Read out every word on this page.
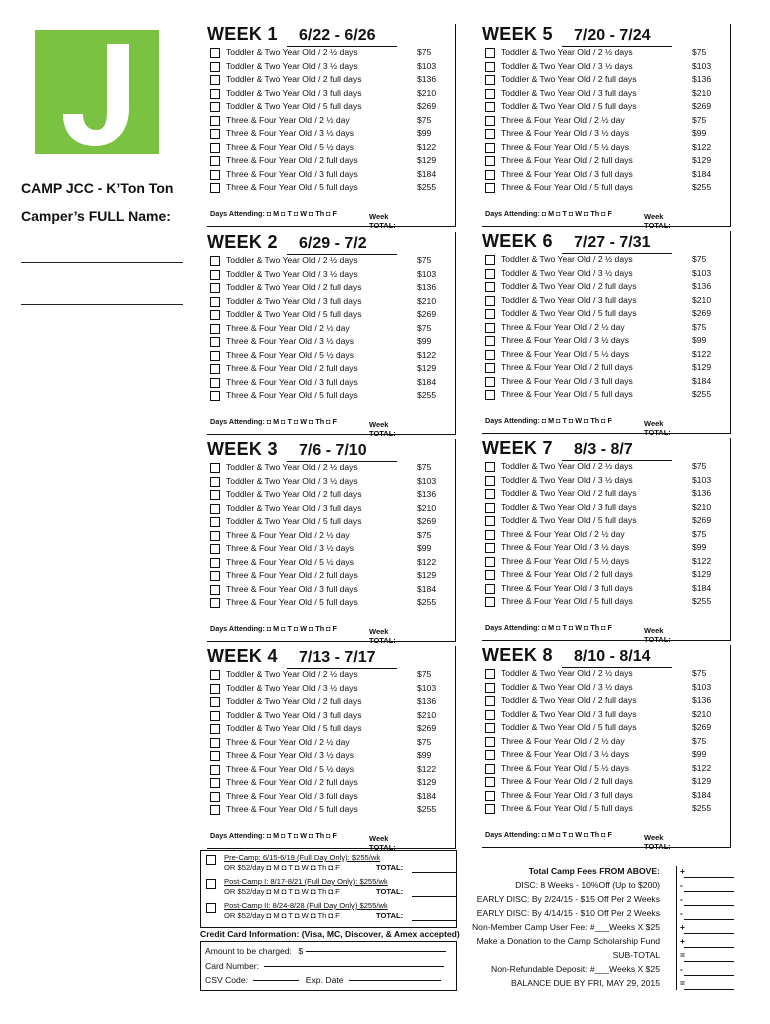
CAMP JCC - K’Ton Ton
Camper’s FULL Name:
WEEK 1 6/22 - 6/26
Toddler & Two Year Old / 2 ½ days	$75
Toddler & Two Year Old / 3 ½ days	$103
Toddler & Two Year Old / 2 full days	$136
Toddler & Two Year Old / 3 full days	$210
Toddler & Two Year Old / 5 full days	$269
Three & Four Year Old / 2 ½ day	$75
Three & Four Year Old / 3 ½ days	$99
Three & Four Year Old / 5 ½ days	$122
Three & Four Year Old / 2 full days	$129
Three & Four Year Old / 3 full days	$184
Three & Four Year Old / 5 full days	$255
Days Attending: ◘ M ◘ T ◘ W ◘ Th ◘ F	Week
TOTAL:
WEEK 2 6/29 - 7/2
Toddler & Two Year Old / 2 ½ days	$75
Toddler & Two Year Old / 3 ½ days	$103
Toddler & Two Year Old / 2 full days	$136
Toddler & Two Year Old / 3 full days	$210
Toddler & Two Year Old / 5 full days	$269
Three & Four Year Old / 2 ½ day	$75
Three & Four Year Old / 3 ½ days	$99
Three & Four Year Old / 5 ½ days	$122
Three & Four Year Old / 2 full days	$129
Three & Four Year Old / 3 full days	$184
Three & Four Year Old / 5 full days	$255
Days Attending: ◘ M ◘ T ◘ W ◘ Th ◘ F	Week
TOTAL:
WEEK 3 7/6 - 7/10
Toddler & Two Year Old / 2 ½ days	$75
Toddler & Two Year Old / 3 ½ days	$103
Toddler & Two Year Old / 2 full days	$136
Toddler & Two Year Old / 3 full days	$210
Toddler & Two Year Old / 5 full days	$269
Three & Four Year Old / 2 ½ day	$75
Three & Four Year Old / 3 ½ days	$99
Three & Four Year Old / 5 ½ days	$122
Three & Four Year Old / 2 full days	$129
Three & Four Year Old / 3 full days	$184
Three & Four Year Old / 5 full days	$255
Days Attending: ◘ M ◘ T ◘ W ◘ Th ◘ F	Week
TOTAL:
WEEK 4 7/13 - 7/17
Toddler & Two Year Old / 2 ½ days	$75
Toddler & Two Year Old / 3 ½ days	$103
Toddler & Two Year Old / 2 full days	$136
Toddler & Two Year Old / 3 full days	$210
Toddler & Two Year Old / 5 full days	$269
Three & Four Year Old / 2 ½ day	$75
Three & Four Year Old / 3 ½ days	$99
Three & Four Year Old / 5 ½ days	$122
Three & Four Year Old / 2 full days	$129
Three & Four Year Old / 3 full days	$184
Three & Four Year Old / 5 full days	$255
Days Attending: ◘ M ◘ T ◘ W ◘ Th ◘ F	Week
TOTAL:
WEEK 5 7/20 - 7/24
Toddler & Two Year Old / 2 ½ days	$75
Toddler & Two Year Old / 3 ½ days	$103
Toddler & Two Year Old / 2 full days	$136
Toddler & Two Year Old / 3 full days	$210
Toddler & Two Year Old / 5 full days	$269
Three & Four Year Old / 2 ½ day	$75
Three & Four Year Old / 3 ½ days	$99
Three & Four Year Old / 5 ½ days	$122
Three & Four Year Old / 2 full days	$129
Three & Four Year Old / 3 full days	$184
Three & Four Year Old / 5 full days	$255
Days Attending: ◘ M ◘ T ◘ W ◘ Th ◘ F	Week
TOTAL:
WEEK 6 7/27 - 7/31
Toddler & Two Year Old / 2 ½ days	$75
Toddler & Two Year Old / 3 ½ days	$103
Toddler & Two Year Old / 2 full days	$136
Toddler & Two Year Old / 3 full days	$210
Toddler & Two Year Old / 5 full days	$269
Three & Four Year Old / 2 ½ day	$75
Three & Four Year Old / 3 ½ days	$99
Three & Four Year Old / 5 ½ days	$122
Three & Four Year Old / 2 full days	$129
Three & Four Year Old / 3 full days	$184
Three & Four Year Old / 5 full days	$255
Days Attending: ◘ M ◘ T ◘ W ◘ Th ◘ F	Week
TOTAL:
WEEK 7 8/3 - 8/7
Toddler & Two Year Old / 2 ½ days	$75
Toddler & Two Year Old / 3 ½ days	$103
Toddler & Two Year Old / 2 full days	$136
Toddler & Two Year Old / 3 full days	$210
Toddler & Two Year Old / 5 full days	$269
Three & Four Year Old / 2 ½ day	$75
Three & Four Year Old / 3 ½ days	$99
Three & Four Year Old / 5 ½ days	$122
Three & Four Year Old / 2 full days	$129
Three & Four Year Old / 3 full days	$184
Three & Four Year Old / 5 full days	$255
Days Attending: ◘ M ◘ T ◘ W ◘ Th ◘ F	Week
TOTAL:
WEEK 8 8/10 - 8/14
Toddler & Two Year Old / 2 ½ days	$75
Toddler & Two Year Old / 3 ½ days	$103
Toddler & Two Year Old / 2 full days	$136
Toddler & Two Year Old / 3 full days	$210
Toddler & Two Year Old / 5 full days	$269
Three & Four Year Old / 2 ½ day	$75
Three & Four Year Old / 3 ½ days	$99
Three & Four Year Old / 5 ½ days	$122
Three & Four Year Old / 2 full days	$129
Three & Four Year Old / 3 full days	$184
Three & Four Year Old / 5 full days	$255
Days Attending: ◘ M ◘ T ◘ W ◘ Th ◘ F	Week
TOTAL:
Pre-Camp: 6/15-6/19 (Full Day Only): $255/wk
OR $52/day ◘ M ◘ T ◘ W ◘ Th ◘ F	TOTAL:
Post-Camp I: 8/17-8/21 (Full Day Only): $255/wk
OR $52/day ◘ M ◘ T ◘ W ◘ Th ◘ F	TOTAL:
Post-Camp II: 8/24-8/28 (Full Day Only) $255/wk
OR $52/day ◘ M ◘ T ◘ W ◘ Th ◘ F	TOTAL:
Credit Card Information: (Visa, MC, Discover, & Amex accepted)
Amount to be charged: $
Card Number:
CSV Code:	Exp. Date
Total Camp Fees FROM ABOVE: +
DISC: 8 Weeks - 10%Off (Up to $200) -
EARLY DISC: By 2/24/15 - $15 Off Per 2 Weeks -
EARLY DISC: By 4/14/15 - $10 Off Per 2 Weeks -
Non-Member Camp User Fee: #___Weeks X $25 +
Make a Donation to the Camp Scholarship Fund +
SUB-TOTAL =
Non-Refundable Deposit: #___Weeks X $25 -
BALANCE DUE BY FRI, MAY 29, 2015 =
